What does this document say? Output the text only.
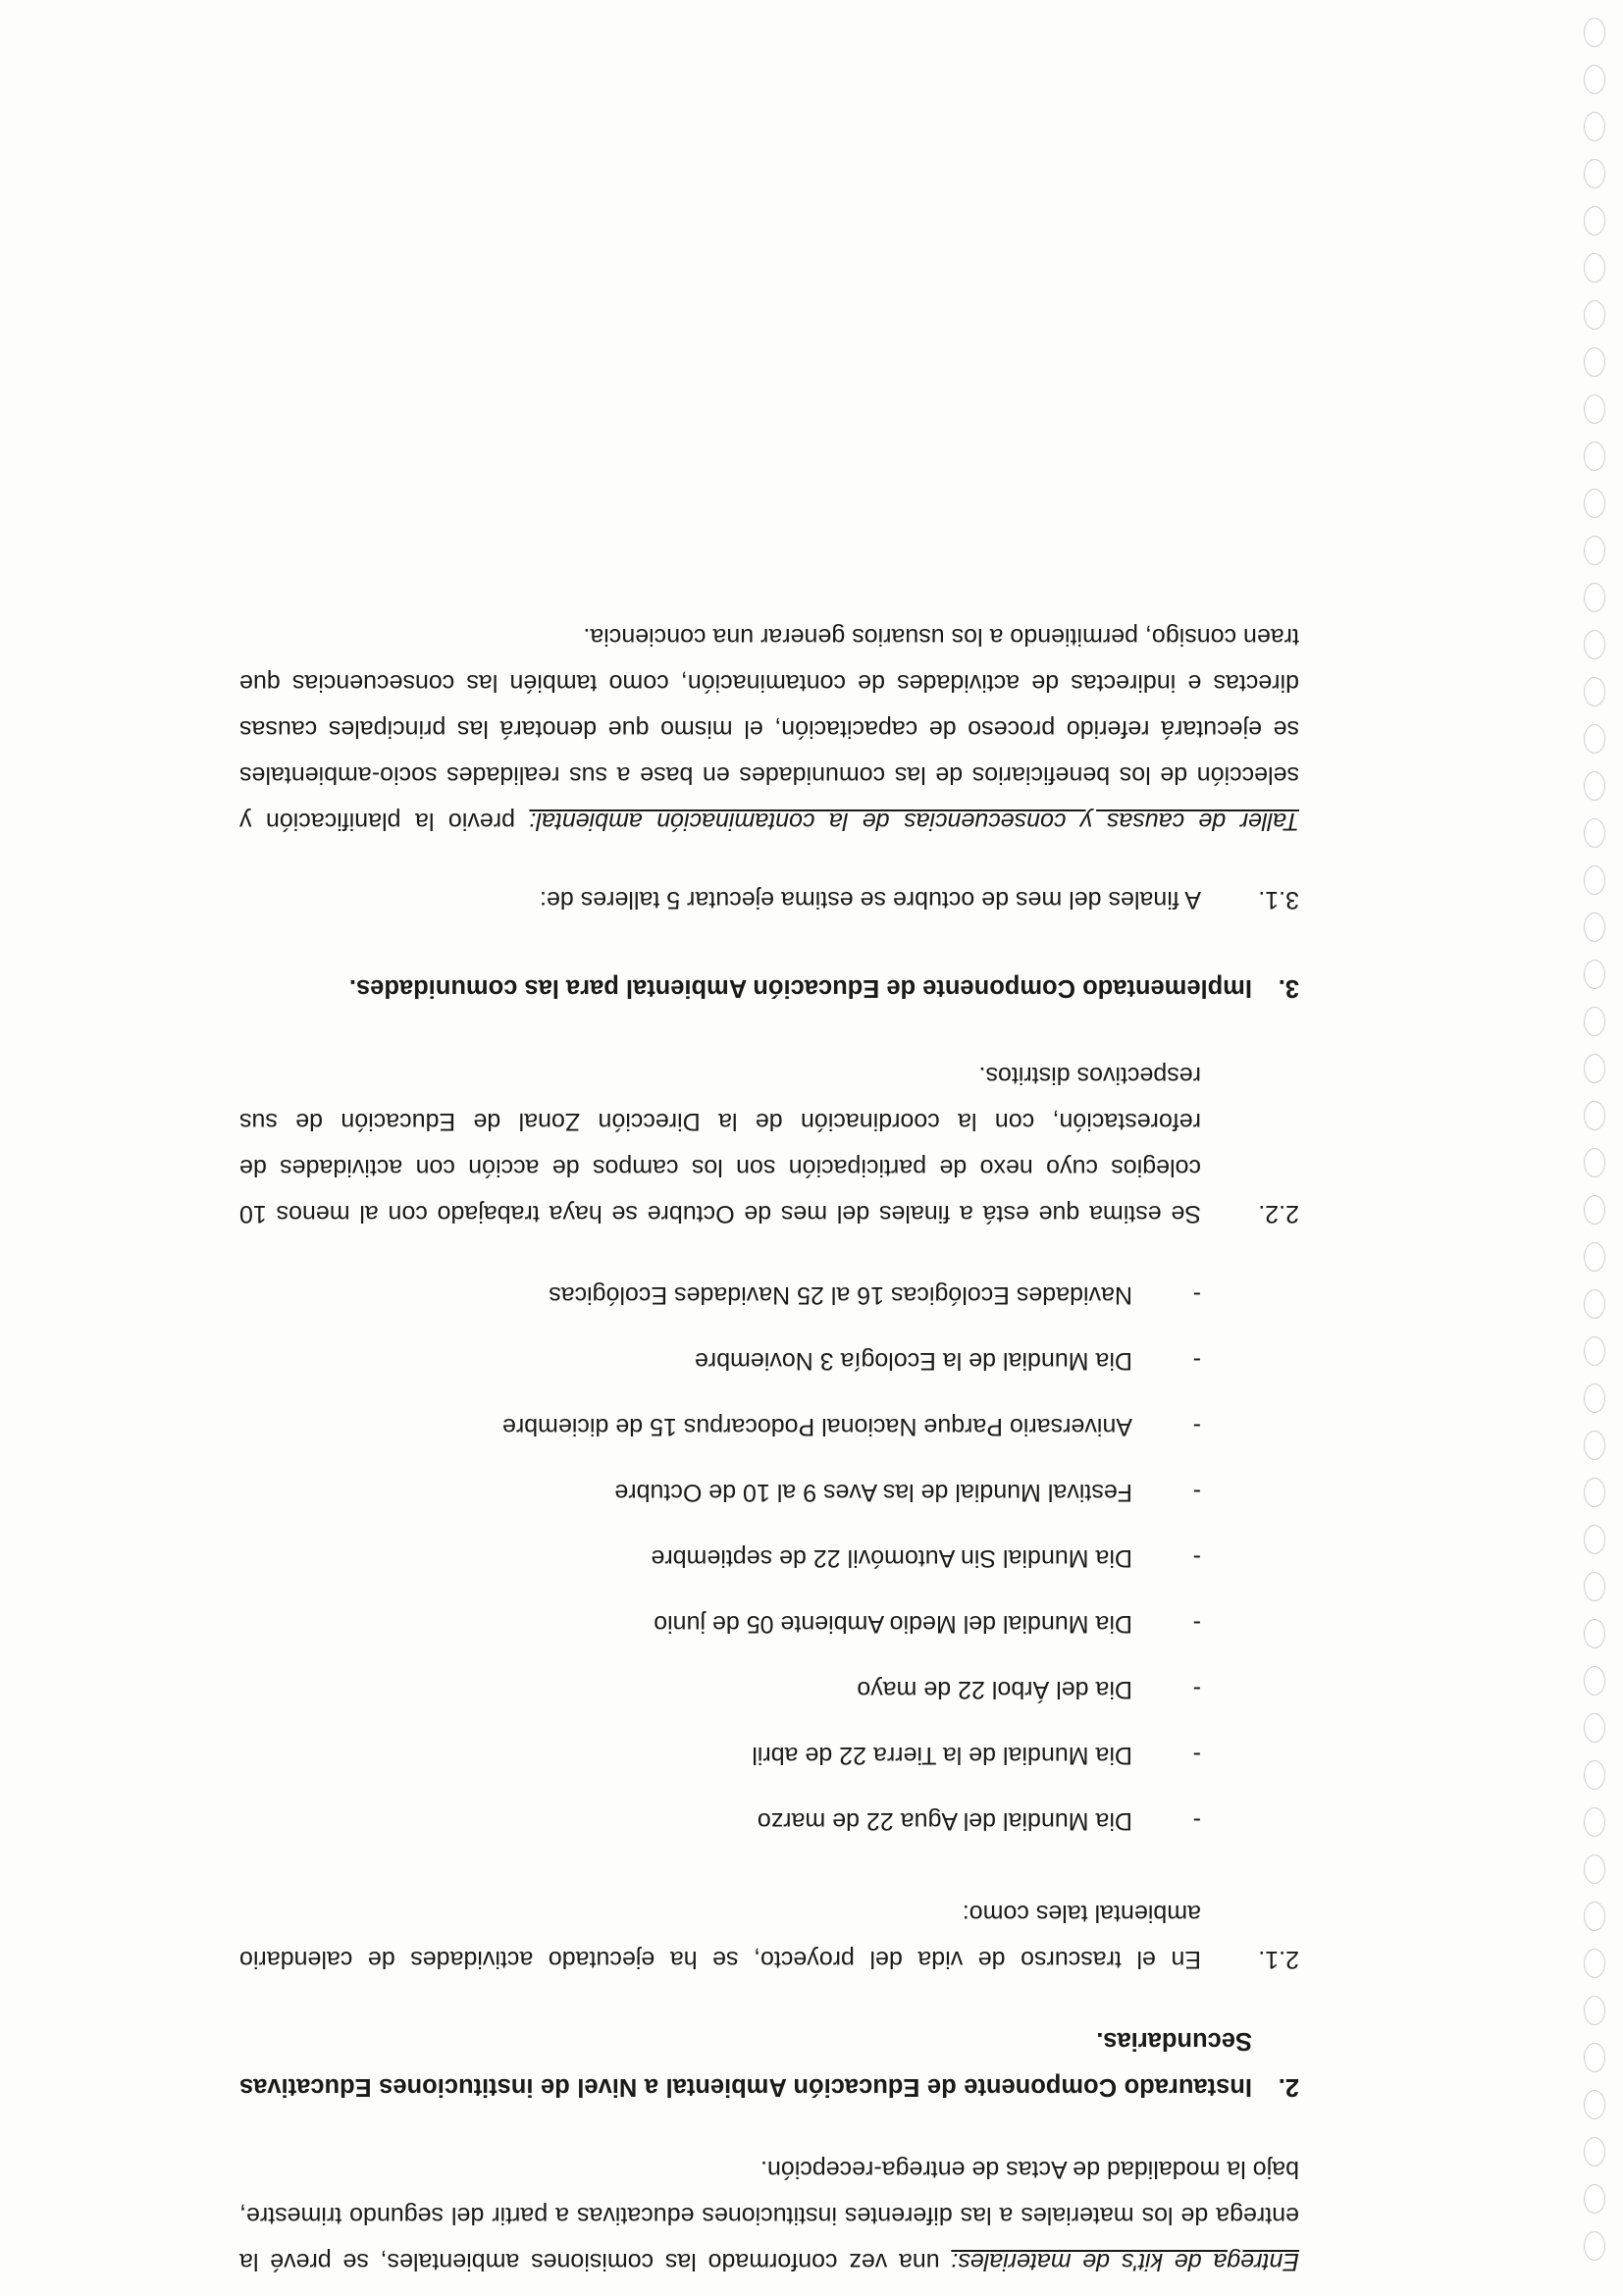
Entrega de kit's de materiales: una vez conformado las comisiones ambientales, se prevé la entrega de los materiales a las diferentes instituciones educativas a partir del segundo trimestre, bajo la modalidad de Actas de entrega-recepción.

2.
Instaurado Componente de Educación Ambiental a Nivel de instituciones Educativas Secundarias.
2.1.
En el trascurso de vida del proyecto, se ha ejecutado actividades de calendario ambiental tales como:
-
Dia Mundial del Agua 22 de marzo
-
Dia Mundial de la Tierra 22 de abril
-
Dia del Árbol 22 de mayo
-
Dia Mundial del Medio Ambiente 05 de junio
-
Dia Mundial Sin Automóvil 22 de septiembre
-
Festival Mundial de las Aves 9 al 10 de Octubre
-
Aniversario Parque Nacional Podocarpus 15 de diciembre
-
Dia Mundial de la Ecología 3 Noviembre
-
Navidades Ecológicas 16 al 25 Navidades Ecológicas
2.2.
Se estima que está a finales del mes de Octubre se haya trabajado con al menos 10 colegios cuyo nexo de participación son los campos de acción con actividades de reforestación, con la coordinación de la Dirección Zonal de Educación de sus respectivos distritos.
3.
Implementado Componente de Educación Ambiental para las comunidades.
3.1.
A finales del mes de octubre se estima ejecutar 5 talleres de:

Taller de causas y consecuencias de la contaminación ambiental: previo la planificación y selección de los beneficiarios de las comunidades en base a sus realidades socio-ambientales se ejecutará referido proceso de capacitación, el mismo que denotará las principales causas directas e indirectas de actividades de contaminación, como también las consecuencias que traen consigo, permitiendo a los usuarios generar una conciencia.
